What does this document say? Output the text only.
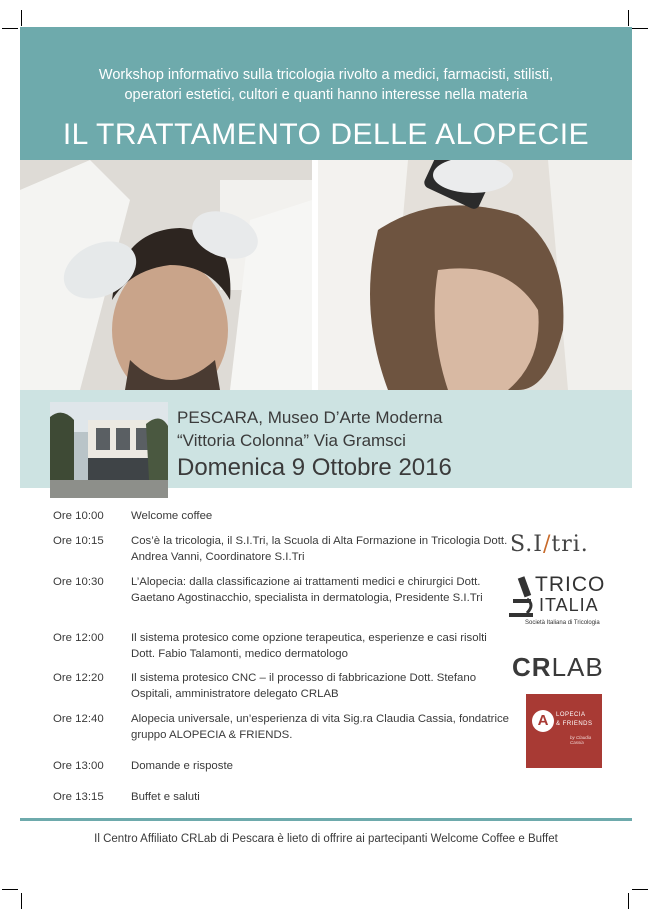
Workshop informativo sulla tricologia rivolto a medici, farmacisti, stilisti,
operatori estetici, cultori e quanti hanno interesse nella materia
IL TRATTAMENTO DELLE ALOPECIE
PESCARA, Museo D’Arte Moderna
“Vittoria Colonna” Via Gramsci
Domenica 9 Ottobre 2016
Ore 10:00	Welcome coffee
Ore 10:15	Cos’è la tricologia, il S.I.Tri, la Scuola di Alta Formazione in Tricologia Dott. Andrea Vanni, Coordinatore S.I.Tri
Ore 10:30	L’Alopecia: dalla classificazione ai trattamenti medici e chirurgici Dott. Gaetano Agostinacchio, specialista in dermatologia, Presidente S.I.Tri
Ore 12:00	Il sistema protesico come opzione terapeutica, esperienze e casi risolti Dott. Fabio Talamonti, medico dermatologo
Ore 12:20	Il sistema protesico CNC – il processo di fabbricazione Dott. Stefano Ospitali, amministratore delegato CRLAB
Ore 12:40	Alopecia universale, un’esperienza di vita Sig.ra Claudia Cassia, fondatrice gruppo ALOPECIA & FRIENDS.
Ore 13:00	Domande e risposte
Ore 13:15	Buffet e saluti
S.I/tri.
TRICO
ITALIA
Società Italiana di Tricologia
CRLAB
A	LOPECIA
& FRIENDS
by Claudia Cassia
Il Centro Affiliato CRLab di Pescara è lieto di offrire ai partecipanti Welcome Coffee e Buffet
